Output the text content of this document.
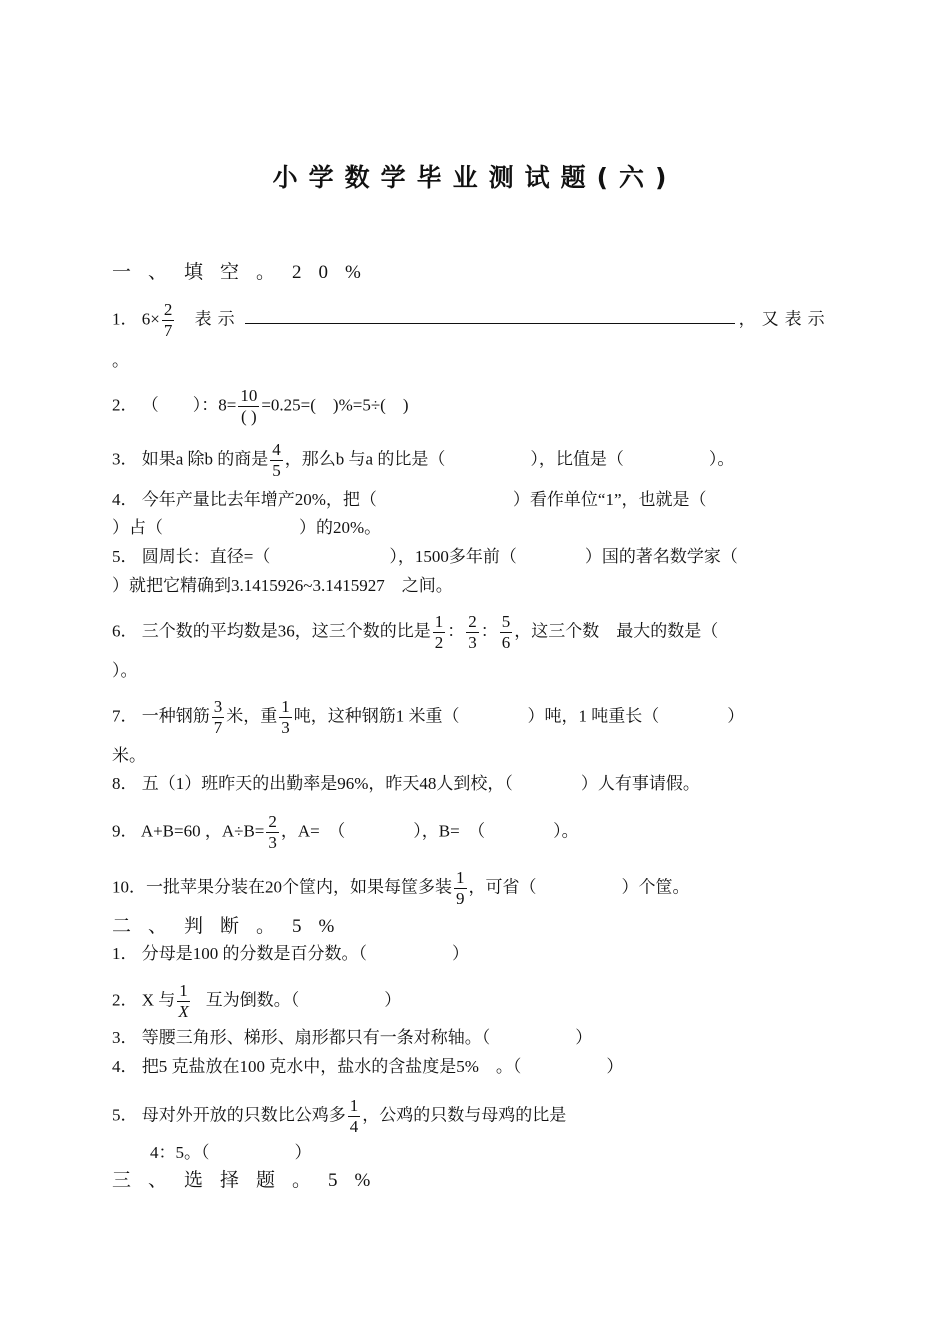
小学数学毕业测试题(六)
一、填空。20%
1． $6\times \frac{2}{7}$ 表示	，又表示
。
2． （　　）：$8= \frac{10}{( )} =0.25=$(　)%=5÷(　)
3． 如果a 除b 的商是 $\frac{4}{5}$ ，那么b 与a 的比是（　　　　　），比值是（　　　　　）。
4． 今年产量比去年增产20%，把（　　　　　　　　）看作单位“1”，也就是（
）占（　　　　　　　　）的20%。
5． 圆周长：直径=（　　　　　　　），1500多年前（　　　　）国的著名数学家（
）就把它精确到3.1415926~3.1415927　之间。
6． 三个数的平均数是36，这三个数的比是 $\frac{1}{2}$ ： $\frac{2}{3}$ ： $\frac{5}{6}$ ，这三个数　最大的数是（
）。
7． 一种钢筋 $\frac{3}{7}$ 米，重 $\frac{1}{3}$ 吨，这种钢筋1 米重（　　　　）吨，1 吨重长（　　　　）
米。
8． 五（1）班昨天的出勤率是96%，昨天48人到校，（　　　　）人有事请假。
9． A+B=60 ，$A\div B= \frac{2}{3}$ ，A=　（　　　　），B=　（　　　　）。
10．一批苹果分装在20个筐内，如果每筐多装 $\frac{1}{9}$ ，可省（　　　　　）个筐。
二、判断。5%
1． 分母是100 的分数是百分数。（　　　　　）
2． X 与 $\frac{1}{X}$ 互为倒数。（　　　　　）
3． 等腰三角形、梯形、扇形都只有一条对称轴。（　　　　　）
4． 把5 克盐放在100 克水中，盐水的含盐度是5%　。（　　　　　）
5． 母对外开放的只数比公鸡多 $\frac{1}{4}$ ，公鸡的只数与母鸡的比是
4：5。（　　　　　）
三、选择题。5%
